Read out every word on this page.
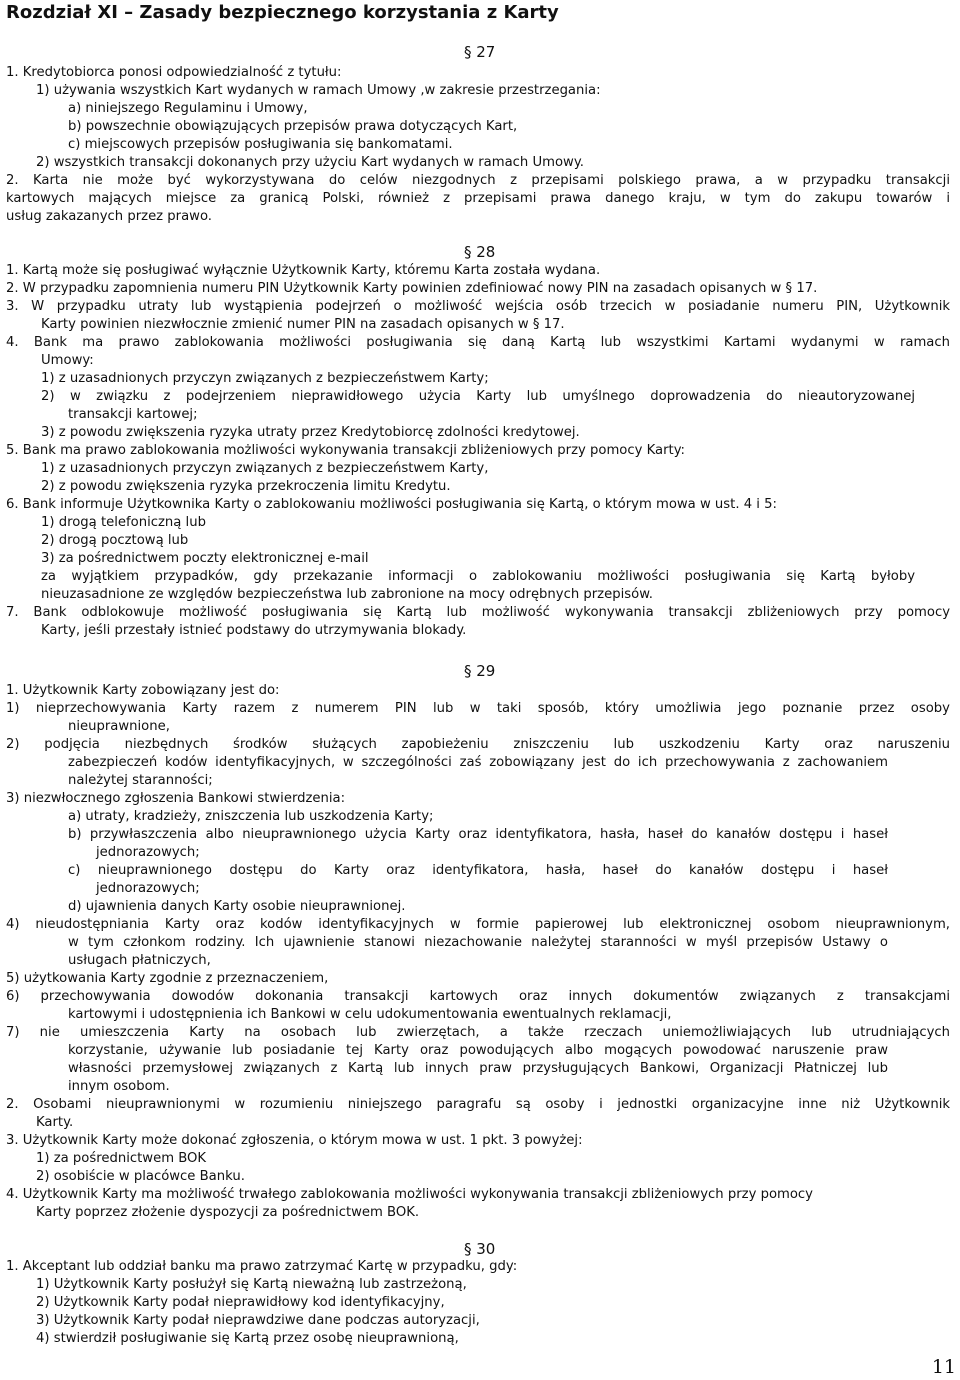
Rozdział XI – Zasady bezpiecznego korzystania z Karty
§ 27
1. Kredytobiorca ponosi odpowiedzialność z tytułu:
1) używania wszystkich Kart wydanych w ramach Umowy ,w zakresie przestrzegania:
a) niniejszego Regulaminu i Umowy,
b) powszechnie obowiązujących przepisów prawa dotyczących Kart,
c) miejscowych przepisów posługiwania się bankomatami.
2) wszystkich transakcji dokonanych przy użyciu Kart wydanych w ramach Umowy.
2. Karta nie może być wykorzystywana do celów niezgodnych z przepisami polskiego prawa, a w przypadku transakcji
kartowych mających miejsce za granicą Polski, również z przepisami prawa danego kraju, w tym do zakupu towarów i
usług zakazanych przez prawo.
§ 28
1. Kartą może się posługiwać wyłącznie Użytkownik Karty, któremu Karta została wydana.
2. W przypadku zapomnienia numeru PIN Użytkownik Karty powinien zdefiniować nowy PIN na zasadach opisanych w § 17.
3. W przypadku utraty lub wystąpienia podejrzeń o możliwość wejścia osób trzecich w posiadanie numeru PIN, Użytkownik
Karty powinien niezwłocznie zmienić numer PIN na zasadach opisanych w § 17.
4. Bank ma prawo zablokowania możliwości posługiwania się daną Kartą lub wszystkimi Kartami wydanymi w ramach
Umowy:
1) z uzasadnionych przyczyn związanych z bezpieczeństwem Karty;
2) w związku z podejrzeniem nieprawidłowego użycia Karty lub umyślnego doprowadzenia do nieautoryzowanej
transakcji kartowej;
3) z powodu zwiększenia ryzyka utraty przez Kredytobiorcę zdolności kredytowej.
5. Bank ma prawo zablokowania możliwości wykonywania transakcji zbliżeniowych przy pomocy Karty:
1) z uzasadnionych przyczyn związanych z bezpieczeństwem Karty,
2) z powodu zwiększenia ryzyka przekroczenia limitu Kredytu.
6. Bank informuje Użytkownika Karty o zablokowaniu możliwości posługiwania się Kartą, o którym mowa w ust. 4 i 5:
1) drogą telefoniczną lub
2) drogą pocztową lub
3) za pośrednictwem poczty elektronicznej e-mail
za wyjątkiem przypadków, gdy przekazanie informacji o zablokowaniu możliwości posługiwania się Kartą byłoby
nieuzasadnione ze względów bezpieczeństwa lub zabronione na mocy odrębnych przepisów.
7. Bank odblokowuje możliwość posługiwania się Kartą lub możliwość wykonywania transakcji zbliżeniowych przy pomocy
Karty, jeśli przestały istnieć podstawy do utrzymywania blokady.
§ 29
1. Użytkownik Karty zobowiązany jest do:
1) nieprzechowywania Karty razem z numerem PIN lub w taki sposób, który umożliwia jego poznanie przez osoby
nieuprawnione,
2) podjęcia niezbędnych środków służących zapobieżeniu zniszczeniu lub uszkodzeniu Karty oraz naruszeniu
zabezpieczeń kodów identyfikacyjnych, w szczególności zaś zobowiązany jest do ich przechowywania z zachowaniem
należytej staranności;
3) niezwłocznego zgłoszenia Bankowi stwierdzenia:
a) utraty, kradzieży, zniszczenia lub uszkodzenia Karty;
b) przywłaszczenia albo nieuprawnionego użycia Karty oraz identyfikatora, hasła, haseł do kanałów dostępu i haseł
jednorazowych;
c) nieuprawnionego dostępu do Karty oraz identyfikatora, hasła, haseł do kanałów dostępu i haseł
jednorazowych;
d) ujawnienia danych Karty osobie nieuprawnionej.
4) nieudostępniania Karty oraz kodów identyfikacyjnych w formie papierowej lub elektronicznej osobom nieuprawnionym,
w tym członkom rodziny. Ich ujawnienie stanowi niezachowanie należytej staranności w myśl przepisów Ustawy o
usługach płatniczych,
5) użytkowania Karty zgodnie z przeznaczeniem,
6) przechowywania dowodów dokonania transakcji kartowych oraz innych dokumentów związanych z transakcjami
kartowymi i udostępnienia ich Bankowi w celu udokumentowania ewentualnych reklamacji,
7) nie umieszczenia Karty na osobach lub zwierzętach, a także rzeczach uniemożliwiających lub utrudniających
korzystanie, używanie lub posiadanie tej Karty oraz powodujących albo mogących powodować naruszenie praw
własności przemysłowej związanych z Kartą lub innych praw przysługujących Bankowi, Organizacji Płatniczej lub
innym osobom.
2. Osobami nieuprawnionymi w rozumieniu niniejszego paragrafu są osoby i jednostki organizacyjne inne niż Użytkownik
Karty.
3. Użytkownik Karty może dokonać zgłoszenia, o którym mowa w ust. 1 pkt. 3 powyżej:
1) za pośrednictwem BOK
2) osobiście w placówce Banku.
4. Użytkownik Karty ma możliwość trwałego zablokowania możliwości wykonywania transakcji zbliżeniowych przy pomocy
Karty poprzez złożenie dyspozycji za pośrednictwem BOK.
§ 30
1. Akceptant lub oddział banku ma prawo zatrzymać Kartę w przypadku, gdy:
1) Użytkownik Karty posłużył się Kartą nieważną lub zastrzeżoną,
2) Użytkownik Karty podał nieprawidłowy kod identyfikacyjny,
3) Użytkownik Karty podał nieprawdziwe dane podczas autoryzacji,
4) stwierdził posługiwanie się Kartą przez osobę nieuprawnioną,
11
